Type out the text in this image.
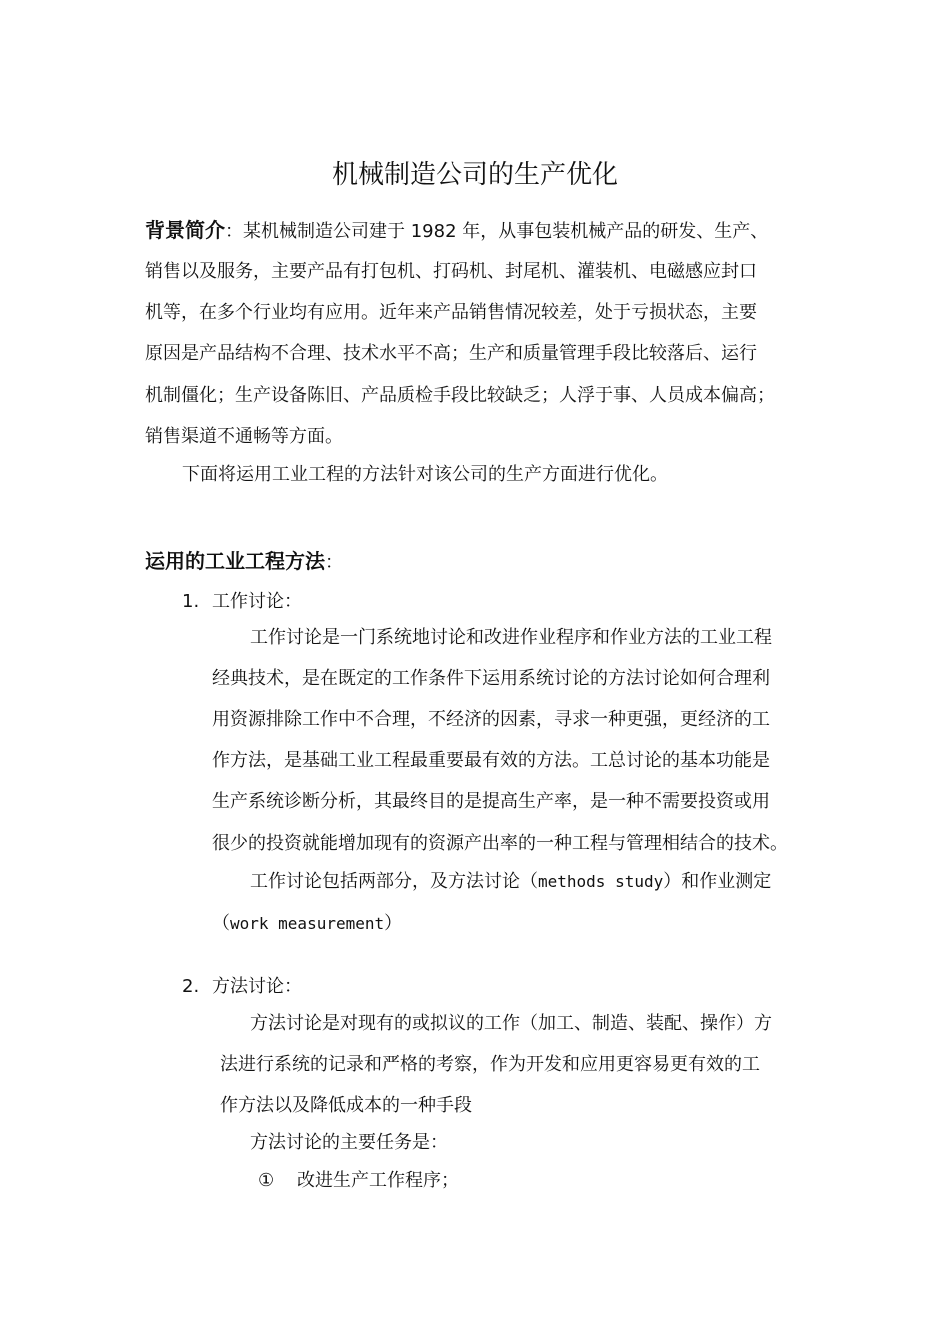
机械制造公司的生产优化
背景简介：某机械制造公司建于 1982 年，从事包装机械产品的研发、生产、
销售以及服务，主要产品有打包机、打码机、封尾机、灌装机、电磁感应封口
机等，在多个行业均有应用。近年来产品销售情况较差，处于亏损状态，主要
原因是产品结构不合理、技术水平不高；生产和质量管理手段比较落后、运行
机制僵化；生产设备陈旧、产品质检手段比较缺乏；人浮于事、人员成本偏高；
销售渠道不通畅等方面。
下面将运用工业工程的方法针对该公司的生产方面进行优化。
运用的工业工程方法：
1. 工作讨论：
工作讨论是一门系统地讨论和改进作业程序和作业方法的工业工程
经典技术，是在既定的工作条件下运用系统讨论的方法讨论如何合理利
用资源排除工作中不合理，不经济的因素，寻求一种更强，更经济的工
作方法，是基础工业工程最重要最有效的方法。工总讨论的基本功能是
生产系统诊断分析，其最终目的是提高生产率，是一种不需要投资或用
很少的投资就能增加现有的资源产出率的一种工程与管理相结合的技术。
工作讨论包括两部分，及方法讨论（methods study）和作业测定
（work measurement）
2. 方法讨论：
方法讨论是对现有的或拟议的工作（加工、制造、装配、操作）方
法进行系统的记录和严格的考察，作为开发和应用更容易更有效的工
作方法以及降低成本的一种手段
方法讨论的主要任务是：
① 改进生产工作程序；
